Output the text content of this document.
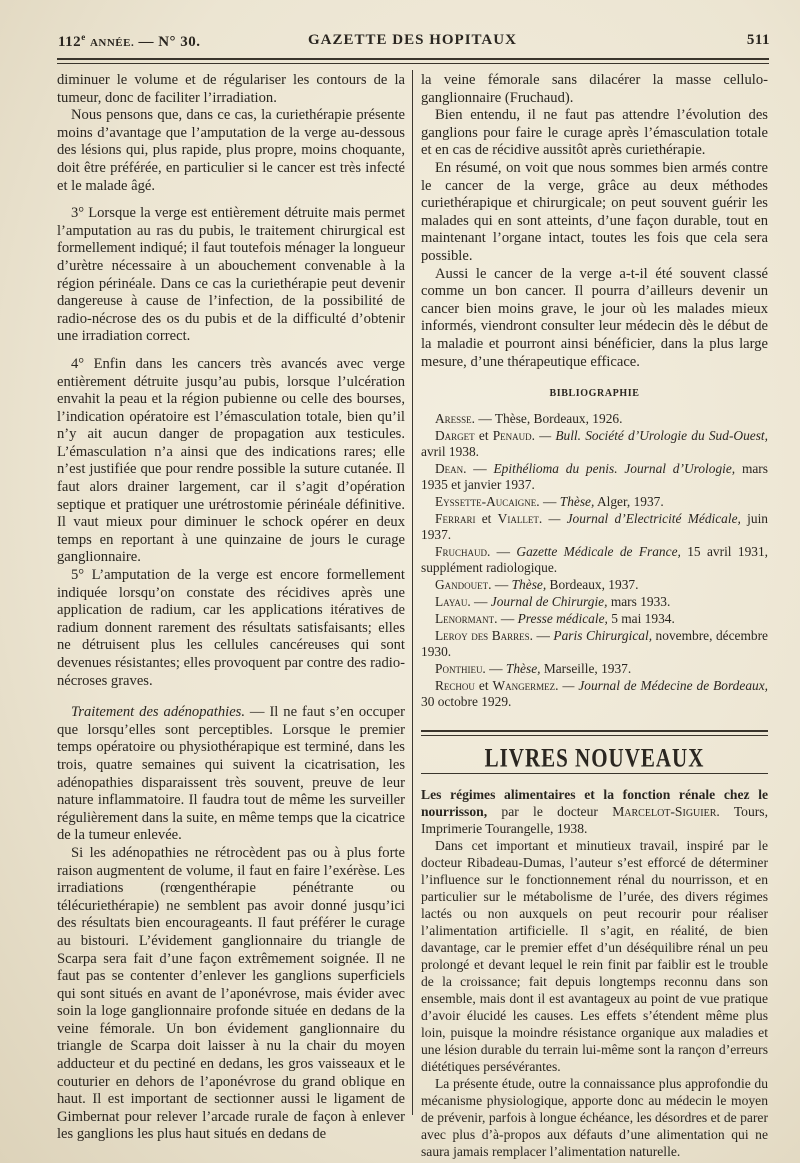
112e ANNÉE. — N° 30.	GAZETTE DES HOPITAUX	511

diminuer le volume et de régulariser les contours de la tumeur, donc de faciliter l’irradiation.

Nous pensons que, dans ce cas, la curiethérapie présente moins d’avantage que l’amputation de la verge au-dessous des lésions qui, plus rapide, plus propre, moins choquante, doit être préférée, en particulier si le cancer est très infecté et le malade âgé.

3° Lorsque la verge est entièrement détruite mais permet l’amputation au ras du pubis, le traitement chirurgical est formellement indiqué; il faut toutefois ménager la longueur d’urètre nécessaire à un abouchement convenable à la région périnéale. Dans ce cas la curiethérapie peut devenir dangereuse à cause de l’infection, de la possibilité de radio-nécrose des os du pubis et de la difficulté d’obtenir une irradiation correct.

4° Enfin dans les cancers très avancés avec verge entièrement détruite jusqu’au pubis, lorsque l’ulcération envahit la peau et la région pubienne ou celle des bourses, l’indication opératoire est l’émasculation totale, bien qu’il n’y ait aucun danger de propagation aux testicules. L’émasculation n’a ainsi que des indications rares; elle n’est justifiée que pour rendre possible la suture cutanée. Il faut alors drainer largement, car il s’agit d’opération septique et pratiquer une urétrostomie périnéale définitive. Il vaut mieux pour diminuer le schock opérer en deux temps en reportant à une quinzaine de jours le curage ganglionnaire.

5° L’amputation de la verge est encore formellement indiquée lorsqu’on constate des récidives après une application de radium, car les applications itératives de radium donnent rarement des résultats satisfaisants; elles ne détruisent plus les cellules cancéreuses qui sont devenues résistantes; elles provoquent par contre des radio-nécroses graves.

Traitement des adénopathies. — Il ne faut s’en occuper que lorsqu’elles sont perceptibles. Lorsque le premier temps opératoire ou physiothérapique est terminé, dans les trois, quatre semaines qui suivent la cicatrisation, les adénopathies disparaissent très souvent, preuve de leur nature inflammatoire. Il faudra tout de même les surveiller régulièrement dans la suite, en même temps que la cicatrice de la tumeur enlevée.

Si les adénopathies ne rétrocèdent pas ou à plus forte raison augmentent de volume, il faut en faire l’exérèse. Les irradiations (rœngenthérapie pénétrante ou télécuriethérapie) ne semblent pas avoir donné jusqu’ici des résultats bien encourageants. Il faut préférer le curage au bistouri. L’évidement ganglionnaire du triangle de Scarpa sera fait d’une façon extrêmement soignée. Il ne faut pas se contenter d’enlever les ganglions superficiels qui sont situés en avant de l’aponévrose, mais évider avec soin la loge ganglionnaire profonde située en dedans de la veine fémorale. Un bon évidement ganglionnaire du triangle de Scarpa doit laisser à nu la chair du moyen adducteur et du pectiné en dedans, les gros vaisseaux et le couturier en dehors de l’aponévrose du grand oblique en haut. Il est important de sectionner aussi le ligament de Gimbernat pour relever l’arcade rurale de façon à enlever les ganglions les plus haut situés en dedans de

la veine fémorale sans dilacérer la masse cellulo-ganglionnaire (Fruchaud).

Bien entendu, il ne faut pas attendre l’évolution des ganglions pour faire le curage après l’émasculation totale et en cas de récidive aussitôt après curiethérapie.

En résumé, on voit que nous sommes bien armés contre le cancer de la verge, grâce au deux méthodes curiethérapique et chirurgicale; on peut souvent guérir les malades qui en sont atteints, d’une façon durable, tout en maintenant l’organe intact, toutes les fois que cela sera possible.

Aussi le cancer de la verge a-t-il été souvent classé comme un bon cancer. Il pourra d’ailleurs devenir un cancer bien moins grave, le jour où les malades mieux informés, viendront consulter leur médecin dès le début de la maladie et pourront ainsi bénéficier, dans la plus large mesure, d’une thérapeutique efficace.

BIBLIOGRAPHIE

Aresse. — Thèse, Bordeaux, 1926.

Darget et Penaud. — Bull. Société d’Urologie du Sud-Ouest, avril 1938.

Dean. — Epithélioma du penis. Journal d’Urologie, mars 1935 et janvier 1937.

Eyssette-Aucaigne. — Thèse, Alger, 1937.

Ferrari et Viallet. — Journal d’Electricité Médicale, juin 1937.

Fruchaud. — Gazette Médicale de France, 15 avril 1931, supplément radiologique.

Gandouet. — Thèse, Bordeaux, 1937.

Layau. — Journal de Chirurgie, mars 1933.

Lenormant. — Presse médicale, 5 mai 1934.

Leroy des Barres. — Paris Chirurgical, novembre, décembre 1930.

Ponthieu. — Thèse, Marseille, 1937.

Rechou et Wangermez. — Journal de Médecine de Bordeaux, 30 octobre 1929.

LIVRES NOUVEAUX

Les régimes alimentaires et la fonction rénale chez le nourrisson, par le docteur Marcelot-Siguier. Tours, Imprimerie Tourangelle, 1938.

Dans cet important et minutieux travail, inspiré par le docteur Ribadeau-Dumas, l’auteur s’est efforcé de déterminer l’influence sur le fonctionnement rénal du nourrisson, et en particulier sur le métabolisme de l’urée, des divers régimes lactés ou non auxquels on peut recourir pour réaliser l’alimentation artificielle. Il s’agit, en réalité, de bien davantage, car le premier effet d’un déséquilibre rénal un peu prolongé et devant lequel le rein finit par faiblir est le trouble de la croissance; fait depuis longtemps reconnu dans son ensemble, mais dont il est avantageux au point de vue pratique d’avoir élucidé les causes. Les effets s’étendent même plus loin, puisque la moindre résistance organique aux maladies et une lésion durable du terrain lui-même sont la rançon d’erreurs diététiques persévérantes.

La présente étude, outre la connaissance plus approfondie du mécanisme physiologique, apporte donc au médecin le moyen de prévenir, parfois à longue échéance, les désordres et de parer avec plus d’à-propos aux défauts d’une alimentation qui ne saura jamais remplacer l’alimentation naturelle.
